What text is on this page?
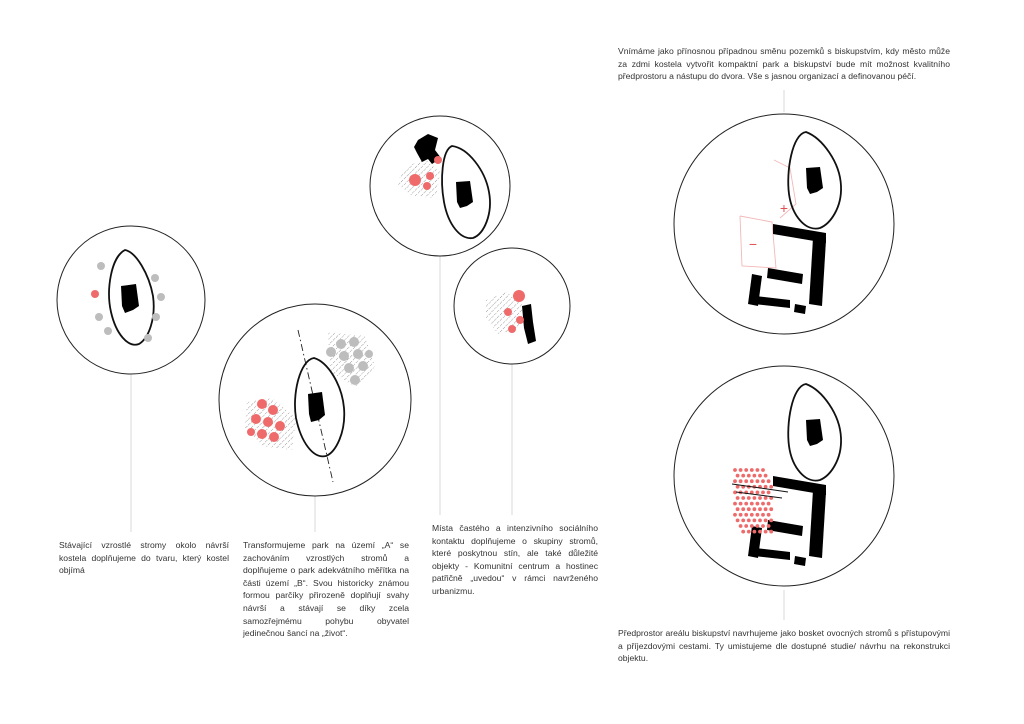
+
−
Stávající vzrostlé stromy okolo návrší kostela doplňujeme do tvaru, který kostel objímá
Transformujeme park na území „A“ se zachováním vzrostlých stromů a doplňujeme o park adekvátního měřítka na části území „B“. Svou historicky známou formou parčíky přirozeně doplňují svahy návrší a stávají se díky zcela samozřejmému pohybu obyvatel jedinečnou šancí na „život“.
Místa častého a intenzivního sociálního kontaktu doplňujeme o skupiny stromů, které poskytnou stín, ale také důležité objekty - Komunitní centrum a hostinec patřičně „uvedou“ v rámci navrženého urbanizmu.
Vnímáme jako přínosnou případnou směnu pozemků s biskupstvím, kdy město může za zdmi kostela vytvořit kompaktní park a biskupství bude mít možnost kvalitního předprostoru a nástupu do dvora. Vše s jasnou organizací a definovanou péčí.
Předprostor areálu biskupství navrhujeme jako bosket ovocných stromů s přístupovými a příjezdovými cestami. Ty umistujeme dle dostupné studie/ návrhu na rekonstrukci objektu.
